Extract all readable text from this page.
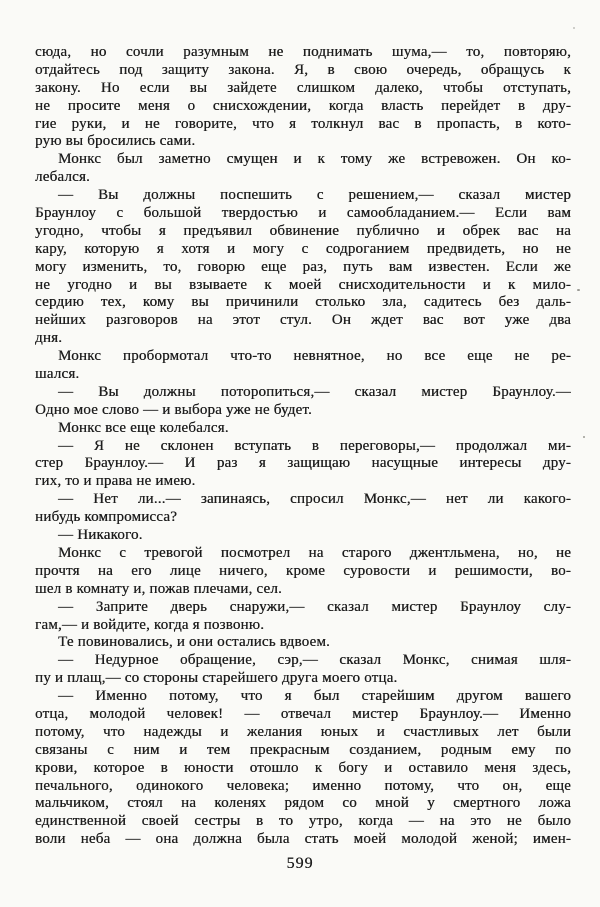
сюда, но сочли разумным не поднимать шума,— то, повторяю,
отдайтесь под защиту закона. Я, в свою очередь, обращусь к
закону. Но если вы зайдете слишком далеко, чтобы отступать,
не просите меня о снисхождении, когда власть перейдет в дру-
гие руки, и не говорите, что я толкнул вас в пропасть, в кото-
рую вы бросились сами.
Монкс был заметно смущен и к тому же встревожен. Он ко-
лебался.
— Вы должны поспешить с решением,— сказал мистер
Браунлоу с большой твердостью и самообладанием.— Если вам
угодно, чтобы я предъявил обвинение публично и обрек вас на
кару, которую я хотя и могу с содроганием предвидеть, но не
могу изменить, то, говорю еще раз, путь вам известен. Если же
не угодно и вы взываете к моей снисходительности и к мило-
сердию тех, кому вы причинили столько зла, садитесь без даль-
нейших разговоров на этот стул. Он ждет вас вот уже два
дня.
Монкс пробормотал что-то невнятное, но все еще не ре-
шался.
— Вы должны поторопиться,— сказал мистер Браунлоу.—
Одно мое слово — и выбора уже не будет.
Монкс все еще колебался.
— Я не склонен вступать в переговоры,— продолжал ми-
стер Браунлоу.— И раз я защищаю насущные интересы дру-
гих, то и права не имею.
— Нет ли...— запинаясь, спросил Монкс,— нет ли какого-
нибудь компромисса?
— Никакого.
Монкс с тревогой посмотрел на старого джентльмена, но, не
прочтя на его лице ничего, кроме суровости и решимости, во-
шел в комнату и, пожав плечами, сел.
— Заприте дверь снаружи,— сказал мистер Браунлоу слу-
гам,— и войдите, когда я позвоню.
Те повиновались, и они остались вдвоем.
— Недурное обращение, сэр,— сказал Монкс, снимая шля-
пу и плащ,— со стороны старейшего друга моего отца.
— Именно потому, что я был старейшим другом вашего
отца, молодой человек! — отвечал мистер Браунлоу.— Именно
потому, что надежды и желания юных и счастливых лет были
связаны с ним и тем прекрасным созданием, родным ему по
крови, которое в юности отошло к богу и оставило меня здесь,
печального, одинокого человека; именно потому, что он, еще
мальчиком, стоял на коленях рядом со мной у смертного ложа
единственной своей сестры в то утро, когда — на это не было
воли неба — она должна была стать моей молодой женой; имен-
599
